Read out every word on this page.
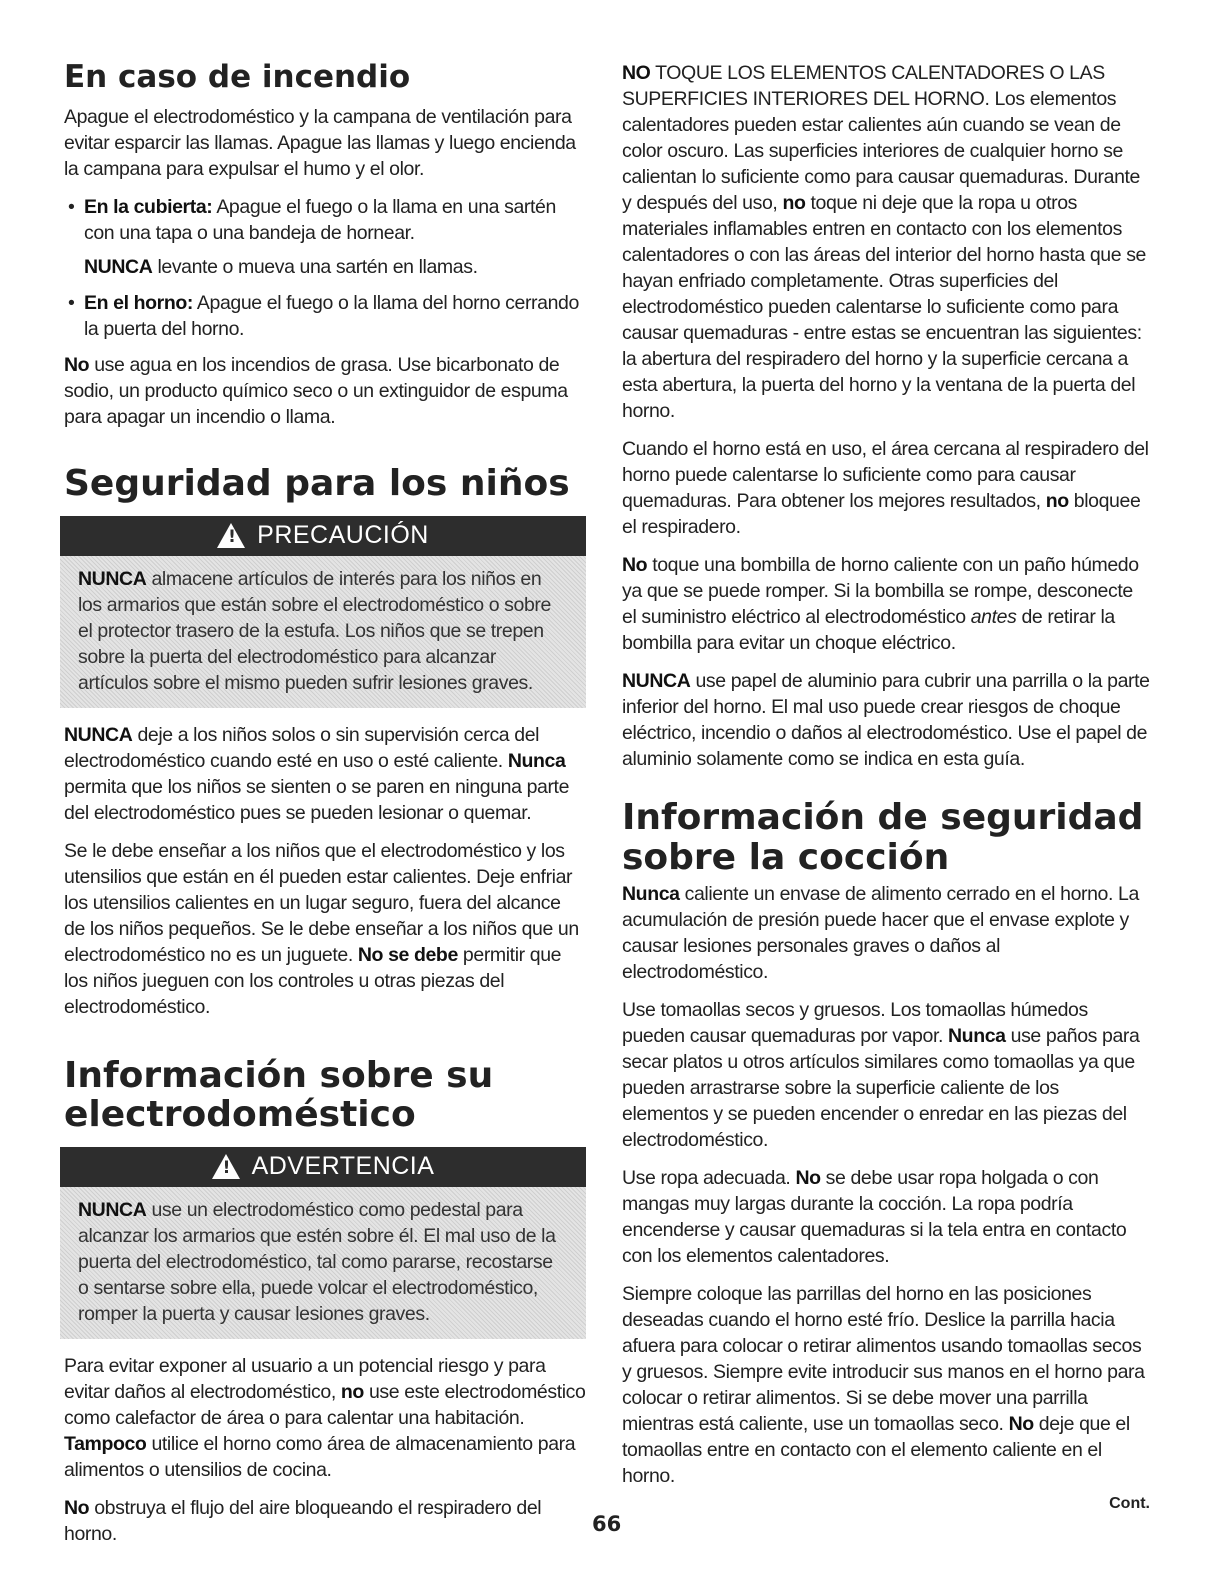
En caso de incendio

Apague el electrodoméstico y la campana de ventilación para evitar esparcir las llamas. Apague las llamas y luego encienda la campana para expulsar el humo y el olor.

• En la cubierta: Apague el fuego o la llama en una sartén con una tapa o una bandeja de hornear.

NUNCA levante o mueva una sartén en llamas.

• En el horno: Apague el fuego o la llama del horno cerrando la puerta del horno.

No use agua en los incendios de grasa. Use bicarbonato de sodio, un producto químico seco o un extinguidor de espuma para apagar un incendio o llama.

Seguridad para los niños
! PRECAUCIÓN
NUNCA almacene artículos de interés para los niños en los armarios que están sobre el electrodoméstico o sobre el protector trasero de la estufa. Los niños que se trepen sobre la puerta del electrodoméstico para alcanzar artículos sobre el mismo pueden sufrir lesiones graves.

NUNCA deje a los niños solos o sin supervisión cerca del electrodoméstico cuando esté en uso o esté caliente. Nunca permita que los niños se sienten o se paren en ninguna parte del electrodoméstico pues se pueden lesionar o quemar.

Se le debe enseñar a los niños que el electrodoméstico y los utensilios que están en él pueden estar calientes. Deje enfriar los utensilios calientes en un lugar seguro, fuera del alcance de los niños pequeños. Se le debe enseñar a los niños que un electrodoméstico no es un juguete. No se debe permitir que los niños jueguen con los controles u otras piezas del electrodoméstico.

Información sobre su
electrodoméstico
! ADVERTENCIA
NUNCA use un electrodoméstico como pedestal para alcanzar los armarios que estén sobre él. El mal uso de la puerta del electrodoméstico, tal como pararse, recostarse o sentarse sobre ella, puede volcar el electrodoméstico, romper la puerta y causar lesiones graves.

Para evitar exponer al usuario a un potencial riesgo y para evitar daños al electrodoméstico, no use este electrodoméstico como calefactor de área o para calentar una habitación. Tampoco utilice el horno como área de almacenamiento para alimentos o utensilios de cocina.

No obstruya el flujo del aire bloqueando el respiradero del horno.

NO TOQUE LOS ELEMENTOS CALENTADORES O LAS SUPERFICIES INTERIORES DEL HORNO. Los elementos calentadores pueden estar calientes aún cuando se vean de color oscuro. Las superficies interiores de cualquier horno se calientan lo suficiente como para causar quemaduras. Durante y después del uso, no toque ni deje que la ropa u otros materiales inflamables entren en contacto con los elementos calentadores o con las áreas del interior del horno hasta que se hayan enfriado completamente. Otras superficies del electrodoméstico pueden calentarse lo suficiente como para causar quemaduras - entre estas se encuentran las siguientes: la abertura del respiradero del horno y la superficie cercana a esta abertura, la puerta del horno y la ventana de la puerta del horno.

Cuando el horno está en uso, el área cercana al respiradero del horno puede calentarse lo suficiente como para causar quemaduras. Para obtener los mejores resultados, no bloquee el respiradero.

No toque una bombilla de horno caliente con un paño húmedo ya que se puede romper. Si la bombilla se rompe, desconecte el suministro eléctrico al electrodoméstico antes de retirar la bombilla para evitar un choque eléctrico.

NUNCA use papel de aluminio para cubrir una parrilla o la parte inferior del horno. El mal uso puede crear riesgos de choque eléctrico, incendio o daños al electrodoméstico. Use el papel de aluminio solamente como se indica en esta guía.

Información de seguridad
sobre la cocción

Nunca caliente un envase de alimento cerrado en el horno. La acumulación de presión puede hacer que el envase explote y causar lesiones personales graves o daños al electrodoméstico.

Use tomaollas secos y gruesos. Los tomaollas húmedos pueden causar quemaduras por vapor. Nunca use paños para secar platos u otros artículos similares como tomaollas ya que pueden arrastrarse sobre la superficie caliente de los elementos y se pueden encender o enredar en las piezas del electrodoméstico.

Use ropa adecuada. No se debe usar ropa holgada o con mangas muy largas durante la cocción. La ropa podría encenderse y causar quemaduras si la tela entra en contacto con los elementos calentadores.

Siempre coloque las parrillas del horno en las posiciones deseadas cuando el horno esté frío. Deslice la parrilla hacia afuera para colocar o retirar alimentos usando tomaollas secos y gruesos. Siempre evite introducir sus manos en el horno para colocar o retirar alimentos. Si se debe mover una parrilla mientras está caliente, use un tomaollas seco. No deje que el tomaollas entre en contacto con el elemento caliente en el horno.

Cont.
66
